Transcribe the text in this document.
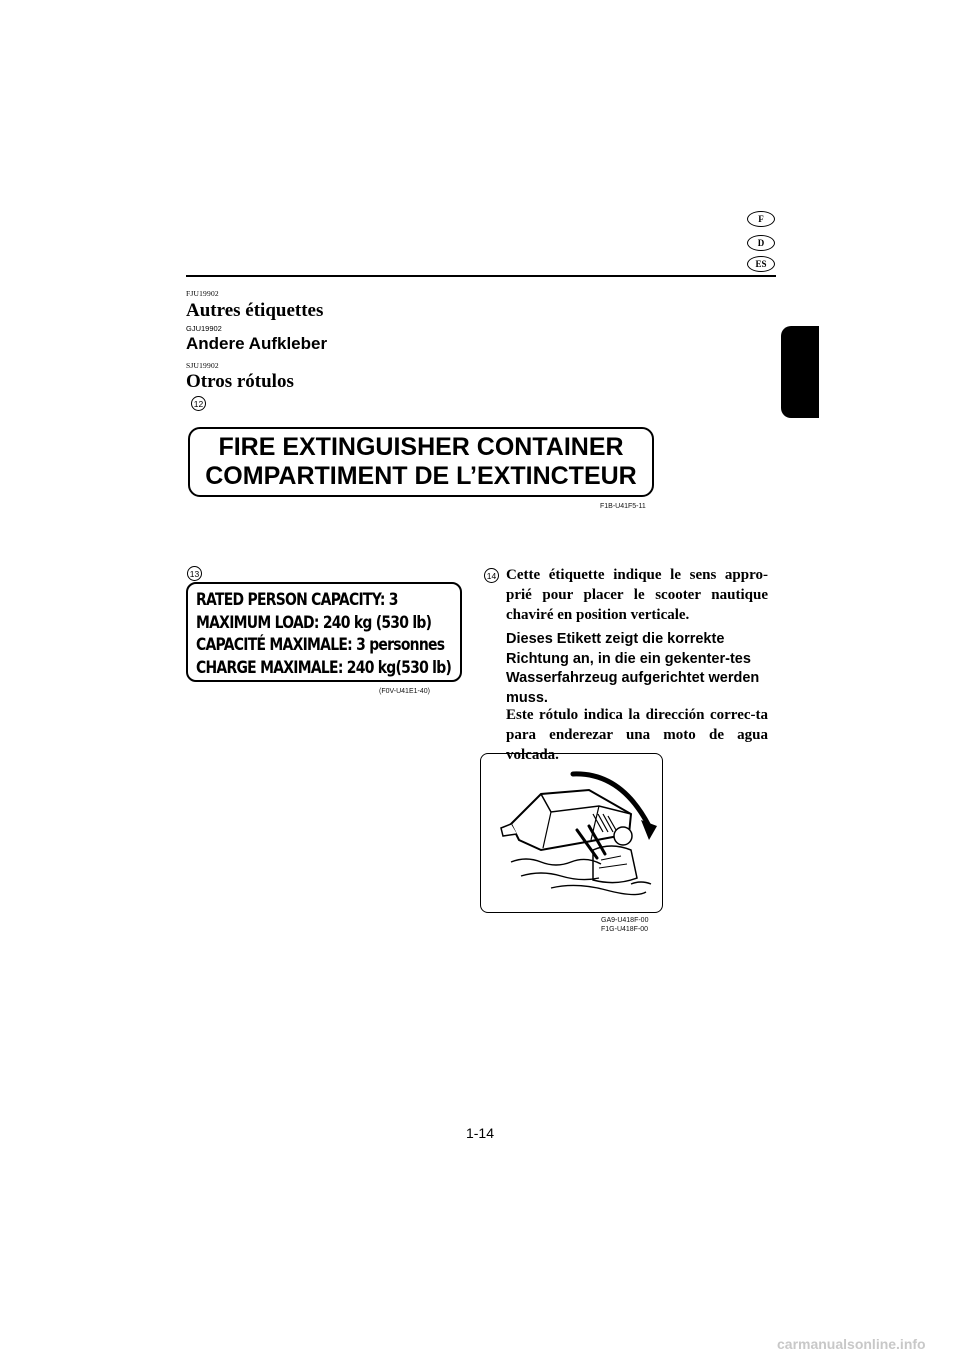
F
D
ES
FJU19902
Autres étiquettes
GJU19902
Andere Aufkleber
SJU19902
Otros rótulos
12
FIRE EXTINGUISHER CONTAINER
COMPARTIMENT DE L’EXTINCTEUR
F1B-U41F5-11
13
RATED PERSON CAPACITY: 3
MAXIMUM LOAD: 240 kg (530 lb)
CAPACITÉ MAXIMALE: 3 personnes
CHARGE MAXIMALE: 240 kg(530 lb)
(F0V-U41E1-40)
14 Cette étiquette indique le sens appro-prié pour placer le scooter nautique chaviré en position verticale.
Dieses Etikett zeigt die korrekte Richtung an, in die ein gekenter-tes Wasserfahrzeug aufgerichtet werden muss.
Este rótulo indica la dirección correc-ta para enderezar una moto de agua volcada.
GA9-U418F-00
F1G-U418F-00
1-14
carmanualsonline.info
